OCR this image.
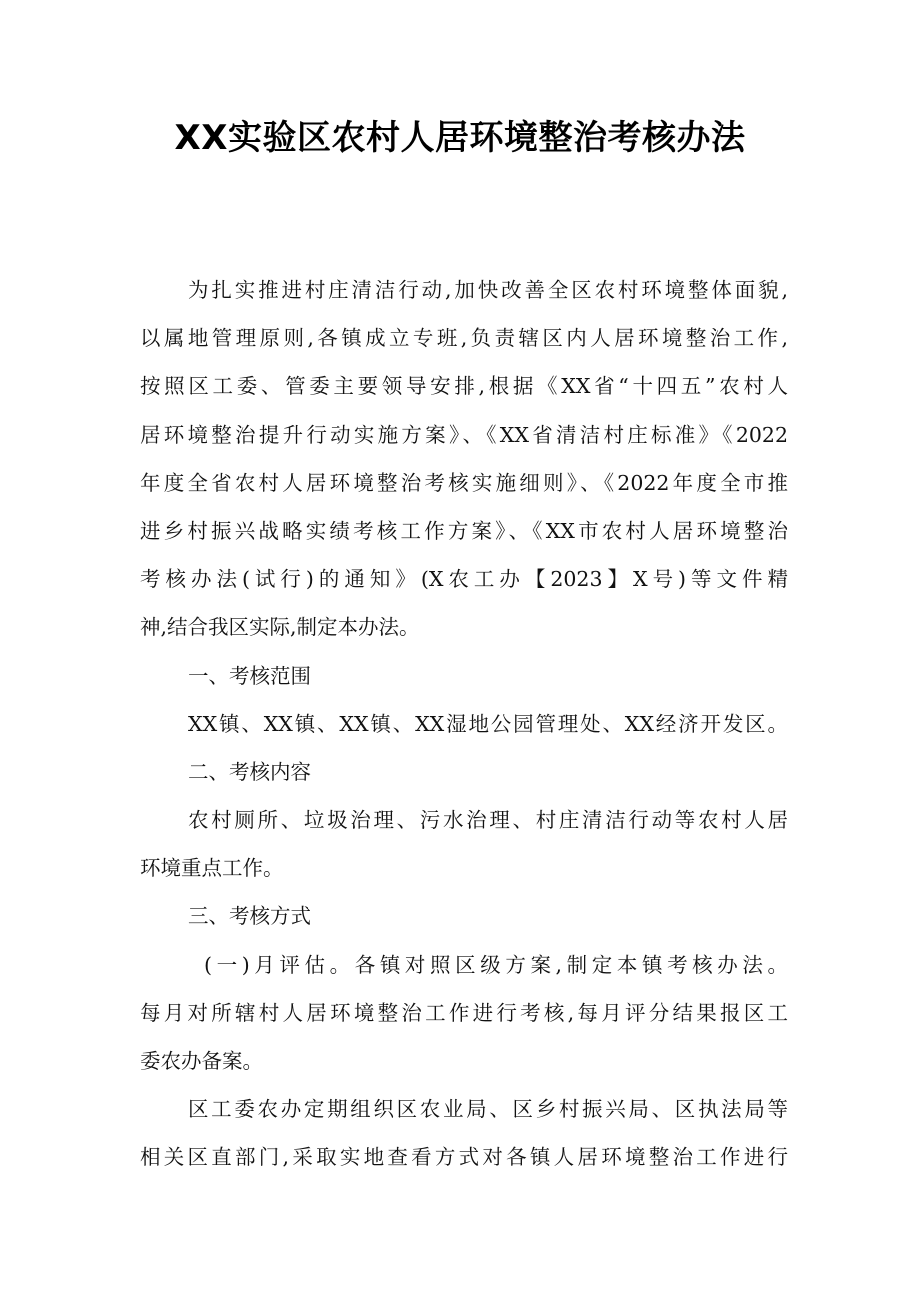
XX实验区农村人居环境整治考核办法
为扎实推进村庄清洁行动,加快改善全区农村环境整体面貌,
以属地管理原则,各镇成立专班,负责辖区内人居环境整治工作,
按照区工委、管委主要领导安排,根据《XX省“十四五”农村人
居环境整治提升行动实施方案》、《XX省清洁村庄标准》《2022
年度全省农村人居环境整治考核实施细则》、《2022年度全市推
进乡村振兴战略实绩考核工作方案》、《XX市农村人居环境整治
考核办法(试行)的通知》(X农工办【2023】X号)等文件精
神,结合我区实际,制定本办法。
一、考核范围
XX镇、XX镇、XX镇、XX湿地公园管理处、XX经济开发区。
二、考核内容
农村厕所、垃圾治理、污水治理、村庄清洁行动等农村人居
环境重点工作。
三、考核方式
(一)月评估。各镇对照区级方案,制定本镇考核办法。
每月对所辖村人居环境整治工作进行考核,每月评分结果报区工
委农办备案。
区工委农办定期组织区农业局、区乡村振兴局、区执法局等
相关区直部门,采取实地查看方式对各镇人居环境整治工作进行
